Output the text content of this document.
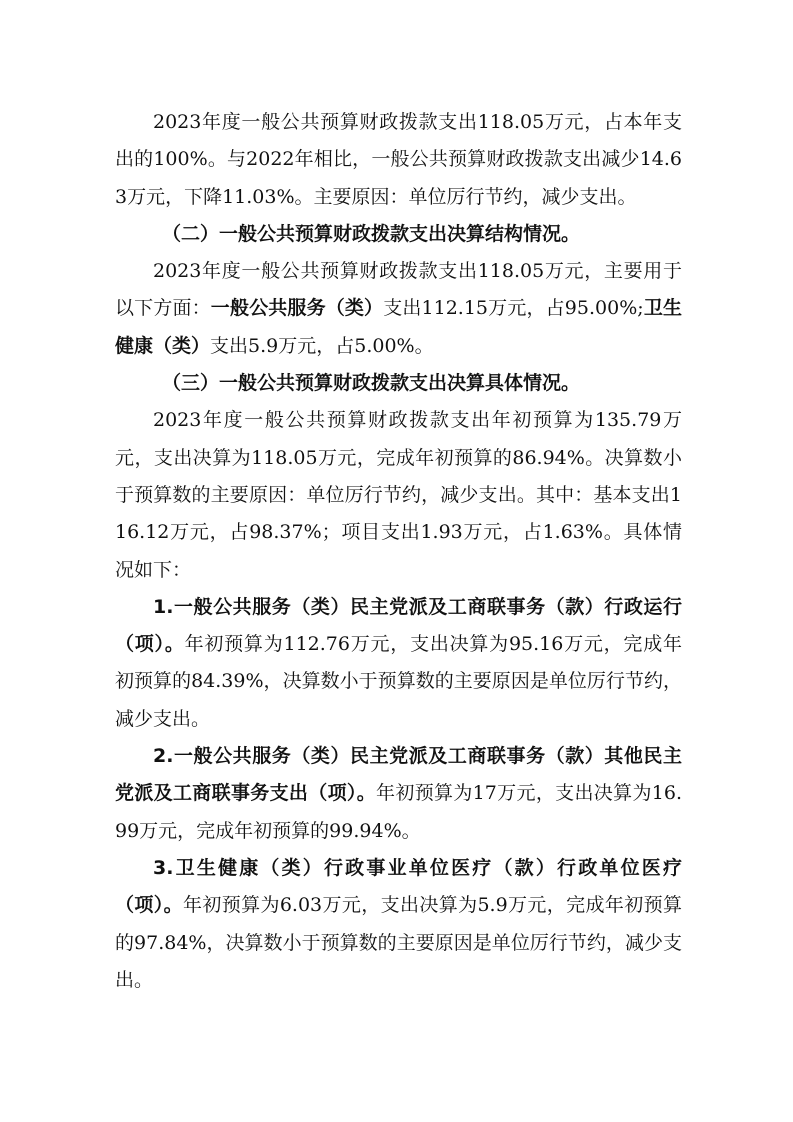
2023年度一般公共预算财政拨款支出118.05万元，占本年支出的100%。与2022年相比，一般公共预算财政拨款支出减少14.63万元，下降11.03%。主要原因：单位厉行节约，减少支出。

（二）一般公共预算财政拨款支出决算结构情况。

2023年度一般公共预算财政拨款支出118.05万元，主要用于以下方面：一般公共服务（类）支出112.15万元，占95.00%;卫生健康（类）支出5.9万元，占5.00%。

（三）一般公共预算财政拨款支出决算具体情况。

2023年度一般公共预算财政拨款支出年初预算为135.79万元，支出决算为118.05万元，完成年初预算的86.94%。决算数小于预算数的主要原因：单位厉行节约，减少支出。其中：基本支出116.12万元，占98.37%；项目支出1.93万元，占1.63%。具体情况如下：

1.一般公共服务（类）民主党派及工商联事务（款）行政运行（项）。年初预算为112.76万元，支出决算为95.16万元，完成年初预算的84.39%，决算数小于预算数的主要原因是单位厉行节约，减少支出。

2.一般公共服务（类）民主党派及工商联事务（款）其他民主党派及工商联事务支出（项）。年初预算为17万元，支出决算为16.99万元，完成年初预算的99.94%。

3.卫生健康（类）行政事业单位医疗（款）行政单位医疗（项）。年初预算为6.03万元，支出决算为5.9万元，完成年初预算的97.84%，决算数小于预算数的主要原因是单位厉行节约，减少支出。
